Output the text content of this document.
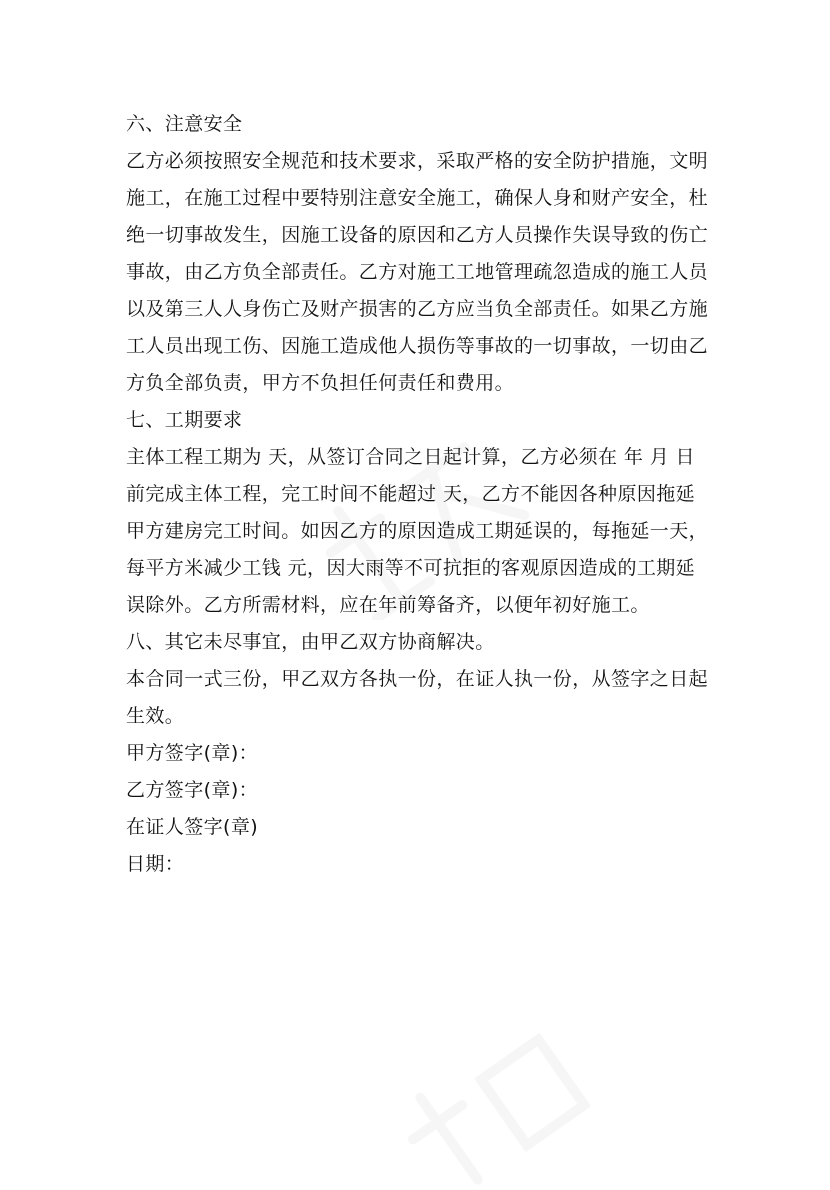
六、注意安全
乙方必须按照安全规范和技术要求，采取严格的安全防护措施，文明
施工，在施工过程中要特别注意安全施工，确保人身和财产安全，杜
绝一切事故发生，因施工设备的原因和乙方人员操作失误导致的伤亡
事故，由乙方负全部责任。乙方对施工工地管理疏忽造成的施工人员
以及第三人人身伤亡及财产损害的乙方应当负全部责任。如果乙方施
工人员出现工伤、因施工造成他人损伤等事故的一切事故，一切由乙
方负全部负责，甲方不负担任何责任和费用。
七、工期要求
主体工程工期为 天，从签订合同之日起计算，乙方必须在 年 月 日
前完成主体工程，完工时间不能超过 天，乙方不能因各种原因拖延
甲方建房完工时间。如因乙方的原因造成工期延误的，每拖延一天，
每平方米减少工钱 元，因大雨等不可抗拒的客观原因造成的工期延
误除外。乙方所需材料，应在年前筹备齐，以便年初好施工。
八、其它未尽事宜，由甲乙双方协商解决。
本合同一式三份，甲乙双方各执一份，在证人执一份，从签字之日起
生效。
甲方签字(章)：
乙方签字(章)：
在证人签字(章)
日期：
